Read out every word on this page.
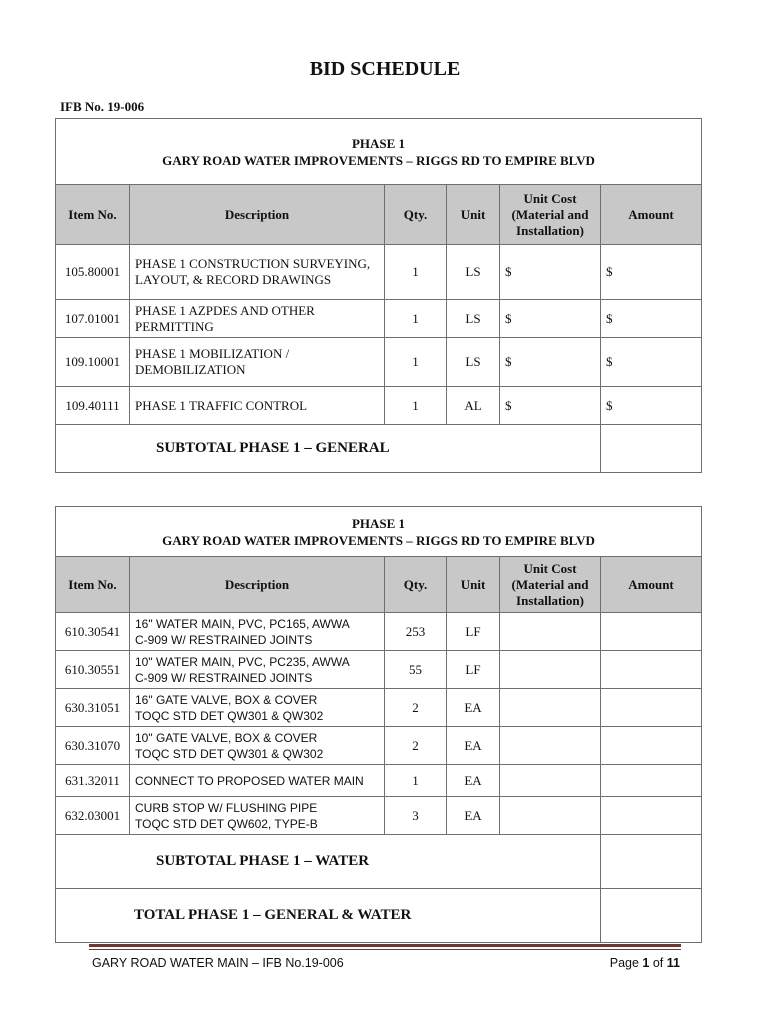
BID SCHEDULE
IFB No. 19-006
PHASE 1
GARY ROAD WATER IMPROVEMENTS – RIGGS RD TO EMPIRE BLVD					

Item No.	Description	Qty.	Unit	Unit Cost
(Material and
Installation)	Amount
105.80001	PHASE 1 CONSTRUCTION SURVEYING, LAYOUT, & RECORD DRAWINGS	1	LS	$	$
107.01001	PHASE 1 AZPDES AND OTHER PERMITTING	1	LS	$	$
109.10001	PHASE 1 MOBILIZATION / DEMOBILIZATION	1	LS	$	$
109.40111	PHASE 1 TRAFFIC CONTROL	1	AL	$	$
SUBTOTAL PHASE 1 – GENERAL					
PHASE 1
GARY ROAD WATER IMPROVEMENTS – RIGGS RD TO EMPIRE BLVD					

Item No.	Description	Qty.	Unit	Unit Cost
(Material and
Installation)	Amount
610.30541	16" WATER MAIN, PVC, PC165, AWWA
C-909 W/ RESTRAINED JOINTS	253	LF		
610.30551	10" WATER MAIN, PVC, PC235, AWWA
C-909 W/ RESTRAINED JOINTS	55	LF		
630.31051	16" GATE VALVE, BOX & COVER
TOQC STD DET QW301 & QW302	2	EA		
630.31070	10" GATE VALVE, BOX & COVER
TOQC STD DET QW301 & QW302	2	EA		
631.32011	CONNECT TO PROPOSED WATER MAIN	1	EA		
632.03001	CURB STOP W/ FLUSHING PIPE
TOQC STD DET QW602, TYPE-B	3	EA		
SUBTOTAL PHASE 1 – WATER					
TOTAL PHASE 1 – GENERAL & WATER					
GARY ROAD WATER MAIN – IFB No.19-006	Page 1 of 11
